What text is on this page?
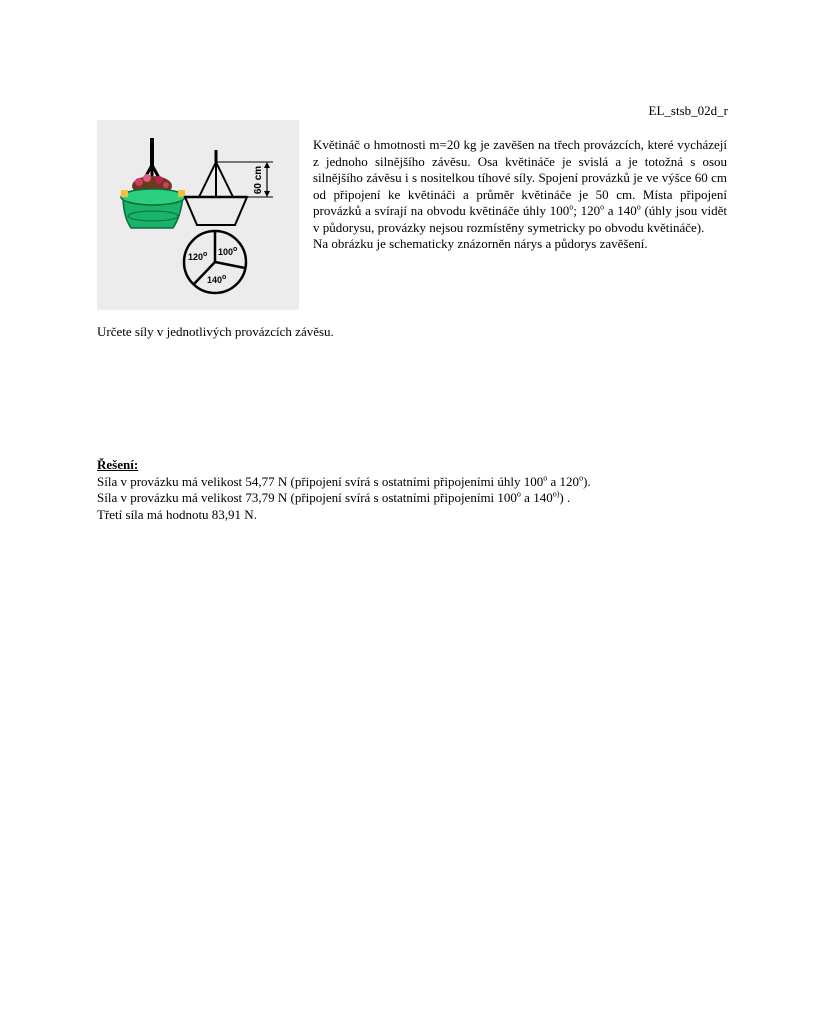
EL_stsb_02d_r
60 cm
100$^o$
120$^o$
140$^o$

Květináč o hmotnosti m=20 kg je zavěšen na třech provázcích, které vycházejí z jednoho silnějšího závěsu. Osa květináče je svislá a je totožná s osou silnějšího závěsu i s nositelkou tíhové síly. Spojení provázků je ve výšce 60 cm od připojení ke květináči a průměr květináče je 50 cm. Místa připojení provázků a svírají na obvodu květináče úhly 100$^o$; 120$^o$ a 140$^o$ (úhly jsou vidět v půdorysu, provázky nejsou rozmístěny symetricky po obvodu květináče).

Na obrázku je schematicky znázorněn nárys a půdorys zavěšení.

Určete síly v jednotlivých provázcích závěsu.
Řešení:

Síla v provázku má velikost 54,77 N (připojení svírá s ostatními připojeními úhly 100$^o$ a 120$^o$).

Síla v provázku má velikost 73,79 N (připojení svírá s ostatními připojeními 100$^o$ a 140$^{o)}$) .

Třetí síla má hodnotu 83,91 N.
